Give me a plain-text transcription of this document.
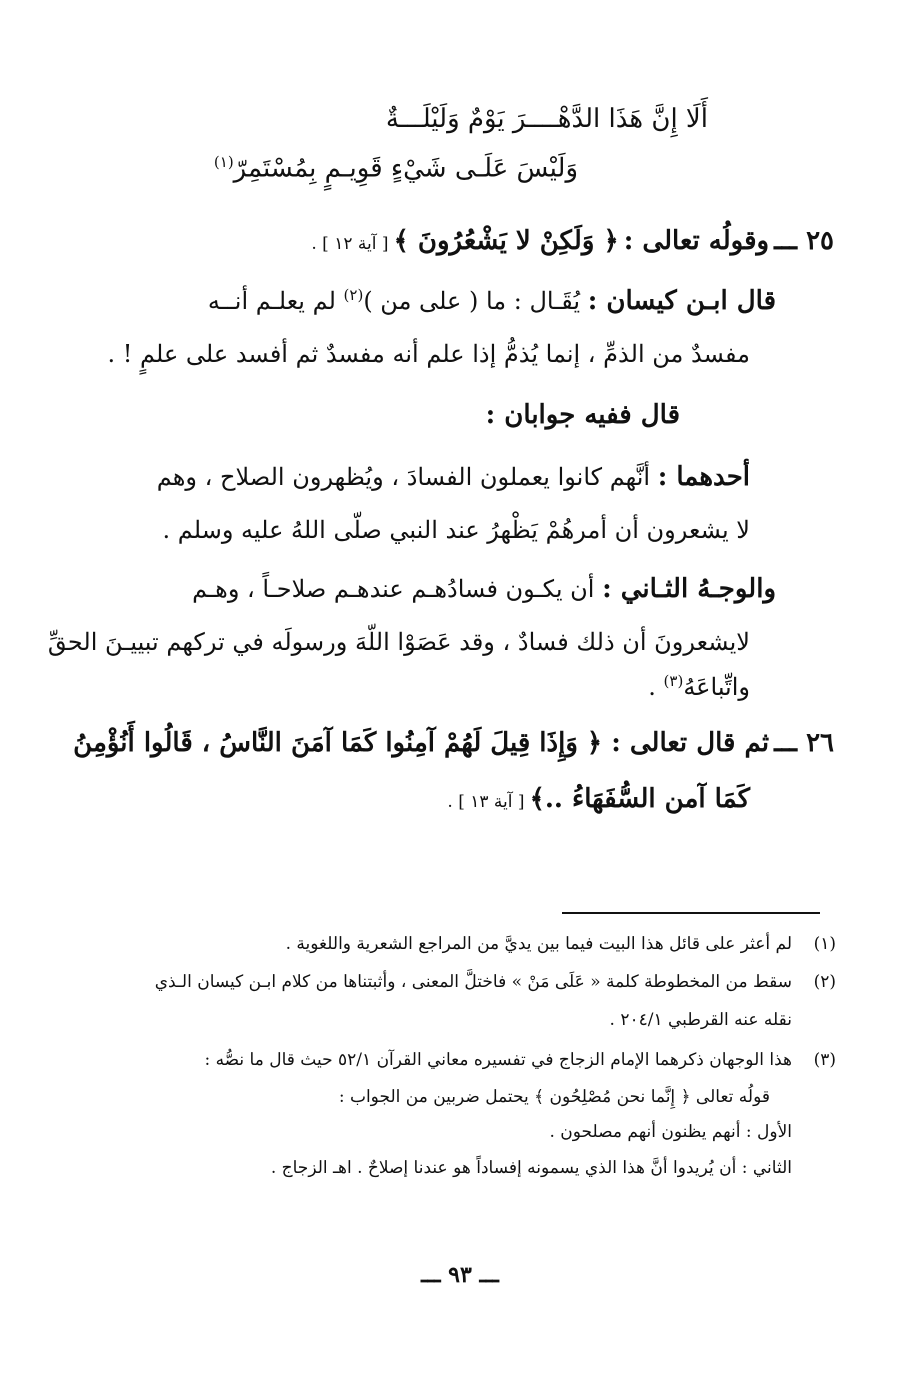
أَلَا إِنَّ هَذَا الدَّهْــــرَ يَوْمٌ وَلَيْلَـــةٌ
وَلَيْسَ عَلَـى شَيْءٍ قَوِيـمٍ بِمُسْتَمِرّ$^{(١)}$
٢٥ ـــ وقولُه تعالى : ﴿ وَلَكِنْ لا يَشْعُرُونَ ﴾ [ آية ١٢ ] .
قال ابـن كيسان : يُقَـال : ما ( على من )$^{(٢)}$ لم يعلـم أنــه
مفسدٌ من الذمِّ ، إنما يُذمُّ إذا علم أنه مفسدٌ ثم أفسد على علمٍ ! .
قال ففيه جوابان :
أحدهما : أنَّهم كانوا يعملون الفسادَ ، ويُظهرون الصلاح ، وهم
لا يشعرون أن أمرهُمْ يَظْهرُ عند النبي صلّى اللهُ عليه وسلم .
والوجـهُ الثـاني : أن يكـون فسادُهـم عندهـم صلاحـاً ، وهـم
لايشعرونَ أن ذلك فسادٌ ، وقد عَصَوْا اللّهَ ورسولَه في تركهم تبييـنَ الحقِّ
واتِّباعَهُ$^{(٣)}$ .
٢٦ ـــ ثم قال تعالى : ﴿ وَإِذَا قِيلَ لَهُمْ آمِنُوا كَمَا آمَنَ النَّاسُ ، قَالُوا أَنُؤْمِنُ
كَمَا آمن السُّفَهَاءُ ..﴾ [ آية ١٣ ] .
(١)
لم أعثر على قائل هذا البيت فيما بين يديَّ من المراجع الشعرية واللغوية .
(٢)
سقط من المخطوطة كلمة « عَلَى مَنْ » فاختلَّ المعنى ، وأثبتناها من كلام ابـن كيسان الـذي
نقله عنه القرطبي ٢٠٤/١ .
(٣)
هذا الوجهان ذكرهما الإمام الزجاج في تفسيره معاني القرآن ٥٢/١ حيث قال ما نصُّه :
قولُه تعالى ﴿ إِنَّما نحن مُصْلِحُون ﴾ يحتمل ضربين من الجواب :
الأول : أنهم يظنون أنهم مصلحون .
الثاني : أن يُريدوا أنَّ هذا الذي يسمونه إفساداً هو عندنا إصلاحٌ . اهـ الزجاج .
ـــ ٩٣ ـــ
